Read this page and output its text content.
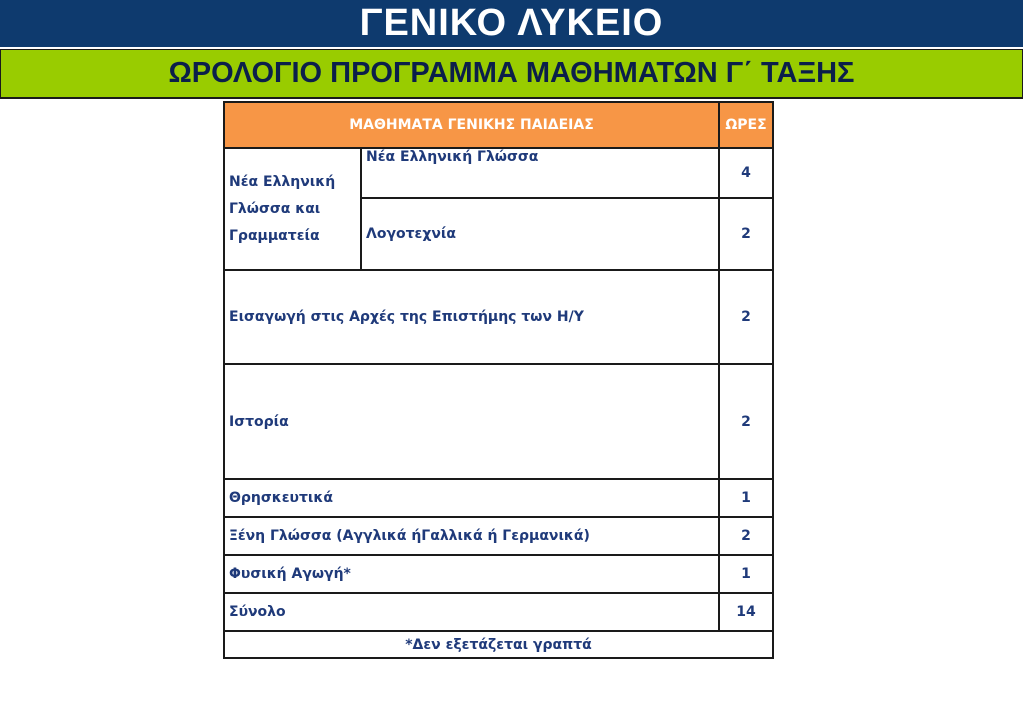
ΓΕΝΙΚΟ ΛΥΚΕΙΟ
ΩΡΟΛΟΓΙΟ ΠΡΟΓΡΑΜΜΑ ΜΑΘΗΜΑΤΩΝ Γ΄ ΤΑΞΗΣ
ΜΑΘΗΜΑΤΑ ΓΕΝΙΚΗΣ ΠΑΙΔΕΙΑΣ		ΩΡΕΣ
Νέα Ελληνική Γλώσσα και Γραμματεία	Νέα Ελληνική Γλώσσα	4
	Λογοτεχνία	2
Εισαγωγή στις Αρχές της Επιστήμης των Η/Υ		2
Ιστορία		2
Θρησκευτικά		1
Ξένη Γλώσσα (Αγγλικά ήΓαλλικά ή Γερμανικά)		2
Φυσική Αγωγή*		1
Σύνολο		14
*Δεν εξετάζεται γραπτά		
